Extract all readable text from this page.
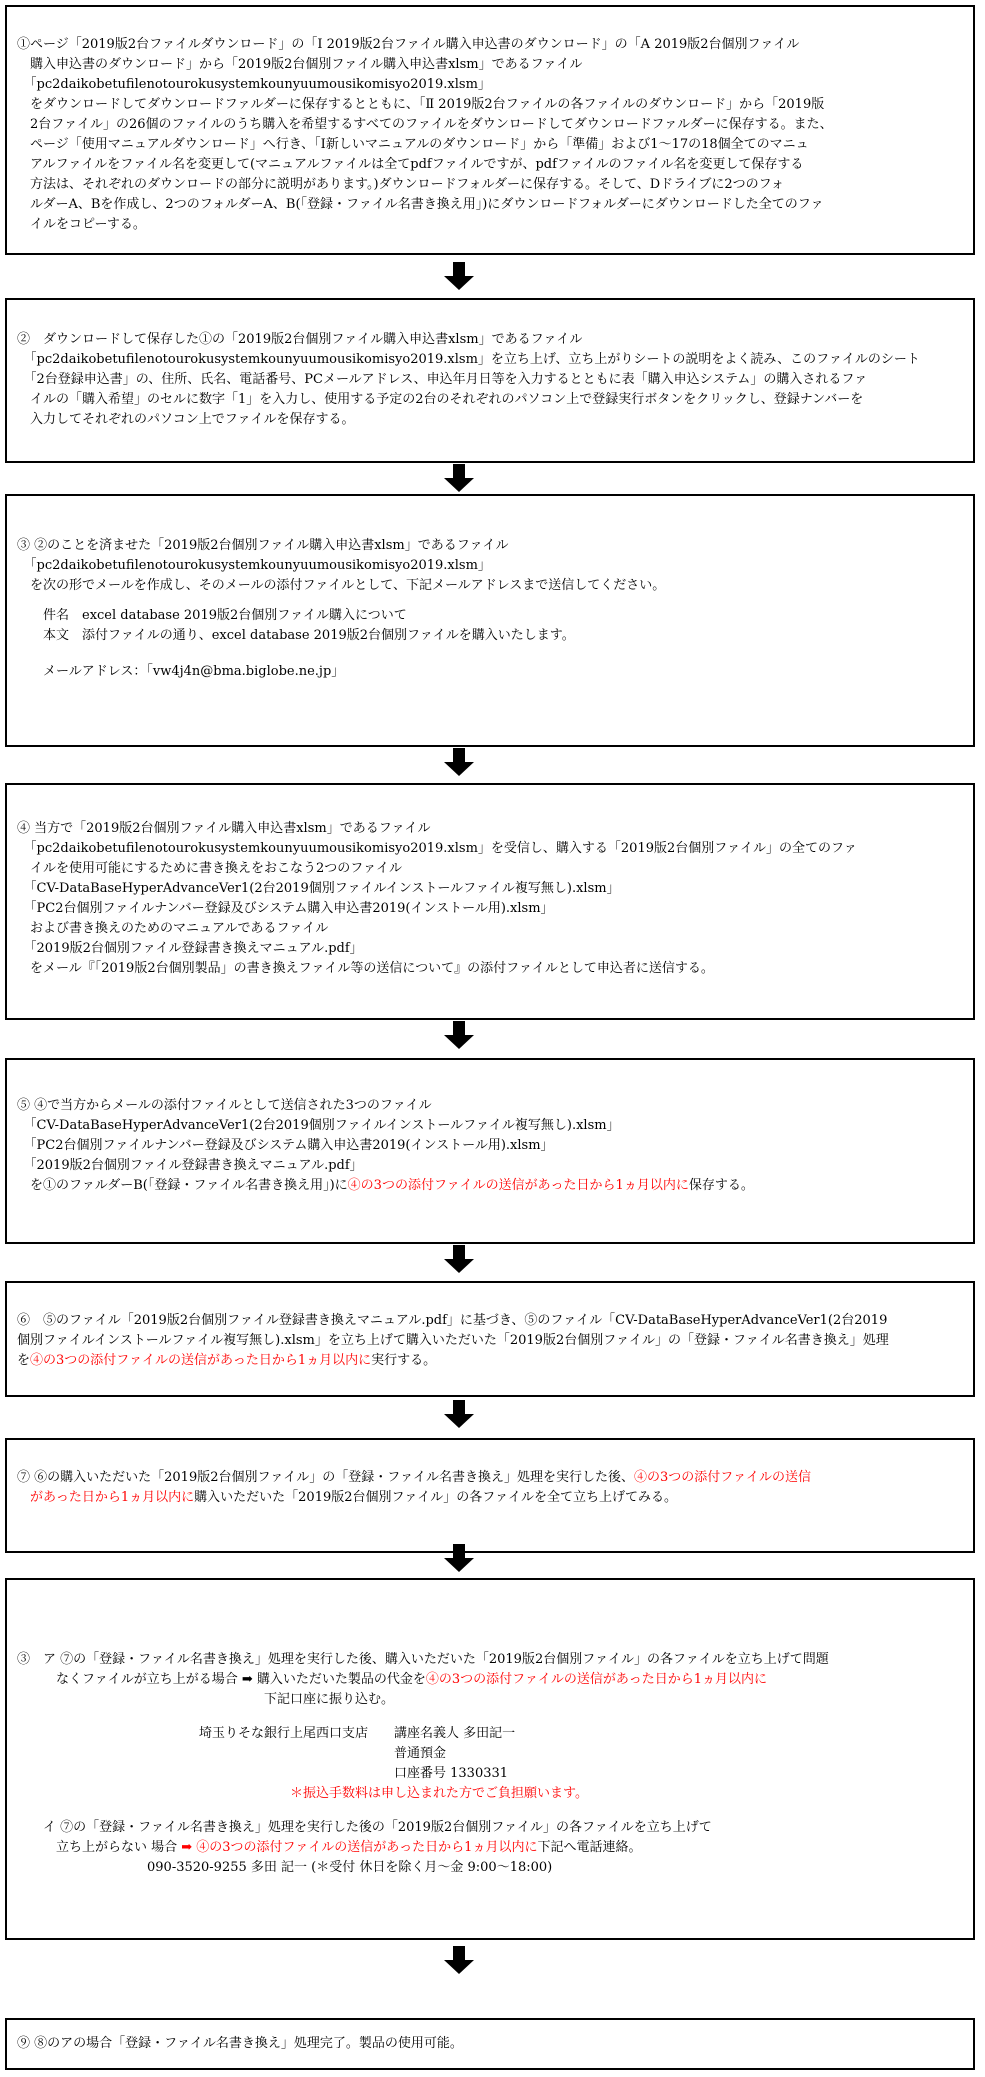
①ページ「2019版2台ファイルダウンロード」の「Ⅰ 2019版2台ファイル購入申込書のダウンロード」の「A 2019版2台個別ファイル

　購入申込書のダウンロード」から「2019版2台個別ファイル購入申込書xlsm」であるファイル

　「pc2daikobetufilenotourokusystemkounyuumousikomisyo2019.xlsm」

　をダウンロードしてダウンロードファルダーに保存するとともに、「Ⅱ 2019版2台ファイルの各ファイルのダウンロード」から「2019版

　2台ファイル」の26個のファイルのうち購入を希望するすべてのファイルをダウンロードしてダウンロードファルダーに保存する。また、

　ページ「使用マニュアルダウンロード」へ行き、「Ⅰ新しいマニュアルのダウンロード」から「準備」および1～17の18個全てのマニュ

　アルファイルをファイル名を変更して(マニュアルファイルは全てpdfファイルですが、pdfファイルのファイル名を変更して保存する

　方法は、それぞれのダウンロードの部分に説明があります。)ダウンロードフォルダーに保存する。そして、Dドライブに2つのフォ

　ルダーA、Bを作成し、2つのフォルダーA、B(「登録・ファイル名書き換え用」)にダウンロードフォルダーにダウンロードした全てのファ

　イルをコピーする。

②　ダウンロードして保存した①の「2019版2台個別ファイル購入申込書xlsm」であるファイル

　「pc2daikobetufilenotourokusystemkounyuumousikomisyo2019.xlsm」を立ち上げ、立ち上がりシートの説明をよく読み、このファイルのシート

　「2台登録申込書」の、住所、氏名、電話番号、PCメールアドレス、申込年月日等を入力するとともに表「購入申込システム」の購入されるファ

　イルの「購入希望」のセルに数字「1」を入力し、使用する予定の2台のそれぞれのパソコン上で登録実行ボタンをクリックし、登録ナンバーを

　入力してそれぞれのパソコン上でファイルを保存する。

③ ②のことを済ませた「2019版2台個別ファイル購入申込書xlsm」であるファイル

　「pc2daikobetufilenotourokusystemkounyuumousikomisyo2019.xlsm」

　を次の形でメールを作成し、そのメールの添付ファイルとして、下記メールアドレスまで送信してください。

　　件名　excel database 2019版2台個別ファイル購入について

　　本文　添付ファイルの通り、excel database 2019版2台個別ファイルを購入いたします。

　　メールアドレス：「vw4j4n@bma.biglobe.ne.jp」

④ 当方で「2019版2台個別ファイル購入申込書xlsm」であるファイル

　「pc2daikobetufilenotourokusystemkounyuumousikomisyo2019.xlsm」を受信し、購入する「2019版2台個別ファイル」の全てのファ

　イルを使用可能にするために書き換えをおこなう2つのファイル

　「CV-DataBaseHyperAdvanceVer1(2台2019個別ファイルインストールファイル複写無し).xlsm」

　「PC2台個別ファイルナンバー登録及びシステム購入申込書2019(インストール用).xlsm」

　および書き換えのためのマニュアルであるファイル

　「2019版2台個別ファイル登録書き換えマニュアル.pdf」

　をメール『「2019版2台個別製品」の書き換えファイル等の送信について』の添付ファイルとして申込者に送信する。

⑤ ④で当方からメールの添付ファイルとして送信された3つのファイル

　「CV-DataBaseHyperAdvanceVer1(2台2019個別ファイルインストールファイル複写無し).xlsm」

　「PC2台個別ファイルナンバー登録及びシステム購入申込書2019(インストール用).xlsm」

　「2019版2台個別ファイル登録書き換えマニュアル.pdf」

　を①のファルダーB(「登録・ファイル名書き換え用」)に④の3つの添付ファイルの送信があった日から1ヵ月以内に保存する。

⑥　⑤のファイル「2019版2台個別ファイル登録書き換えマニュアル.pdf」に基づき、⑤のファイル「CV-DataBaseHyperAdvanceVer1(2台2019

個別ファイルインストールファイル複写無し).xlsm」を立ち上げて購入いただいた「2019版2台個別ファイル」の「登録・ファイル名書き換え」処理

を④の3つの添付ファイルの送信があった日から1ヵ月以内に実行する。

⑦ ⑥の購入いただいた「2019版2台個別ファイル」の「登録・ファイル名書き換え」処理を実行した後、④の3つの添付ファイルの送信

　があった日から1ヵ月以内に購入いただいた「2019版2台個別ファイル」の各ファイルを全て立ち上げてみる。

③　ア ⑦の「登録・ファイル名書き換え」処理を実行した後、購入いただいた「2019版2台個別ファイル」の各ファイルを立ち上げて問題

　　　なくファイルが立ち上がる場合 ➡ 購入いただいた製品の代金を④の3つの添付ファイルの送信があった日から1ヵ月以内に

　　　　　　　　　　　　　　　　　　　下記口座に振り込む。

　　　　　　　　　　　　　　埼玉りそな銀行上尾西口支店　　講座名義人 多田記一

　　　　　　　　　　　　　　　　　　　　　　　　　　　　　普通預金

　　　　　　　　　　　　　　　　　　　　　　　　　　　　　口座番号 1330331

　　　　　　　　　　　　　　　　　　　　　＊振込手数料は申し込まれた方でご負担願います。

　　イ ⑦の「登録・ファイル名書き換え」処理を実行した後の「2019版2台個別ファイル」の各ファイルを立ち上げて

　　　立ち上がらない 場合 ➡ ④の3つの添付ファイルの送信があった日から1ヵ月以内に下記へ電話連絡。

　　　　　　　　　　090-3520-9255 多田 記一 (＊受付 休日を除く月～金 9:00～18:00)

⑨ ⑧のアの場合「登録・ファイル名書き換え」処理完了。製品の使用可能。
